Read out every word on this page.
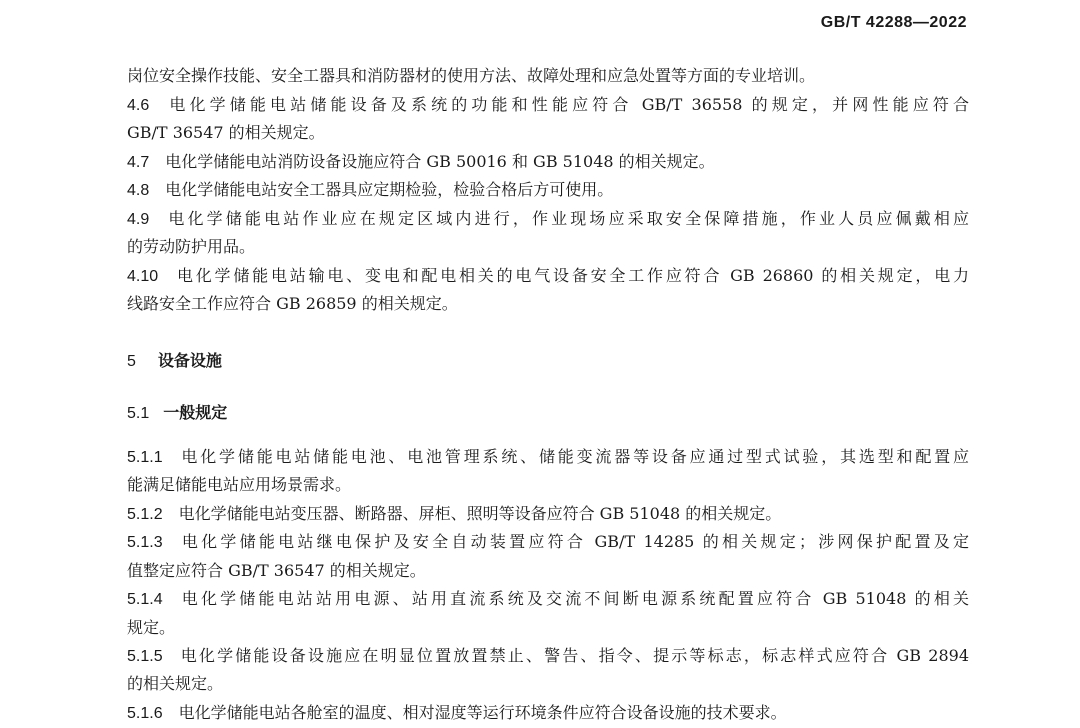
GB/T 42288—2022
岗位安全操作技能、安全工器具和消防器材的使用方法、故障处理和应急处置等方面的专业培训。
4.6 电化学储能电站储能设备及系统的功能和性能应符合 GB/T 36558 的规定，并网性能应符合
GB/T 36547 的相关规定。
4.7 电化学储能电站消防设备设施应符合 GB 50016 和 GB 51048 的相关规定。
4.8 电化学储能电站安全工器具应定期检验，检验合格后方可使用。
4.9 电化学储能电站作业应在规定区域内进行，作业现场应采取安全保障措施，作业人员应佩戴相应
的劳动防护用品。
4.10 电化学储能电站输电、变电和配电相关的电气设备安全工作应符合 GB 26860 的相关规定，电力
线路安全工作应符合 GB 26859 的相关规定。
5 设备设施
5.1 一般规定
5.1.1 电化学储能电站储能电池、电池管理系统、储能变流器等设备应通过型式试验，其选型和配置应
能满足储能电站应用场景需求。
5.1.2 电化学储能电站变压器、断路器、屏柜、照明等设备应符合 GB 51048 的相关规定。
5.1.3 电化学储能电站继电保护及安全自动装置应符合 GB/T 14285 的相关规定；涉网保护配置及定
值整定应符合 GB/T 36547 的相关规定。
5.1.4 电化学储能电站站用电源、站用直流系统及交流不间断电源系统配置应符合 GB 51048 的相关
规定。
5.1.5 电化学储能设备设施应在明显位置放置禁止、警告、指令、提示等标志，标志样式应符合 GB 2894
的相关规定。
5.1.6 电化学储能电站各舱室的温度、相对湿度等运行环境条件应符合设备设施的技术要求。
